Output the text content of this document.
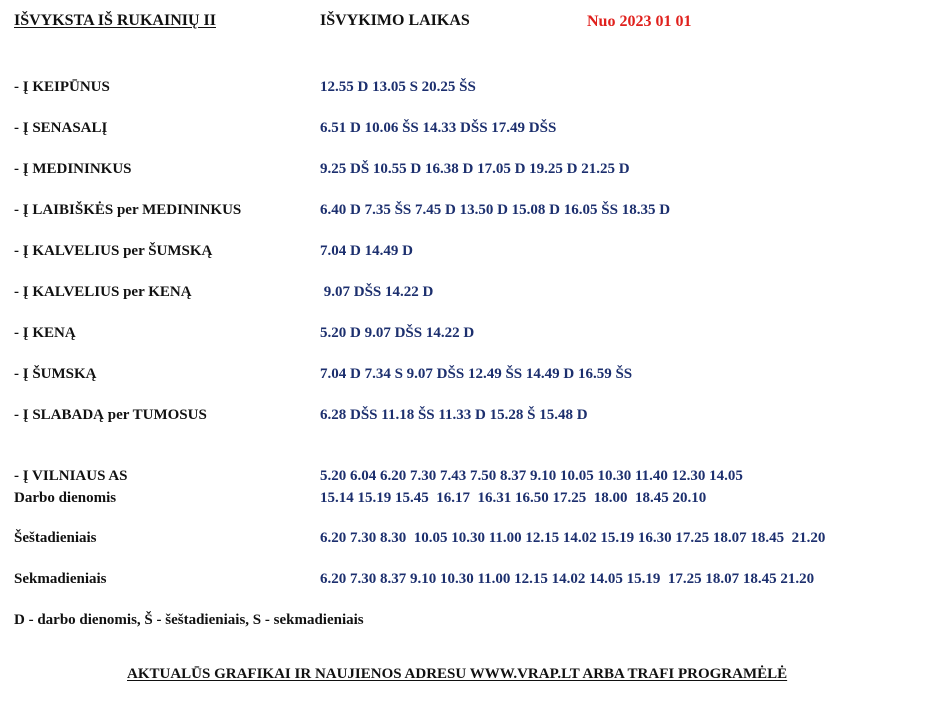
IŠVYKSTA IŠ RUKAINIŲ II	IŠVYKIMO LAIKAS	Nuo 2023 01 01
- Į KEIPŪNUS	12.55 D 13.05 S 20.25 ŠS
- Į SENASALĮ	6.51 D 10.06 ŠS 14.33 DŠS 17.49 DŠS
- Į MEDININKUS	9.25 DŠ 10.55 D 16.38 D 17.05 D 19.25 D 21.25 D
- Į LAIBIŠKĖS per MEDININKUS	6.40 D 7.35 ŠS 7.45 D 13.50 D 15.08 D 16.05 ŠS 18.35 D
- Į KALVELIUS per ŠUMSKĄ	7.04 D 14.49 D
- Į KALVELIUS per KENĄ	9.07 DŠS 14.22 D
- Į KENĄ	5.20 D 9.07 DŠS 14.22 D
- Į ŠUMSKĄ	7.04 D 7.34 S 9.07 DŠS 12.49 ŠS 14.49 D 16.59 ŠS
- Į SLABADĄ per TUMOSUS	6.28 DŠS 11.18 ŠS 11.33 D 15.28 Š 15.48 D
- Į VILNIAUS AS	5.20 6.04 6.20 7.30 7.43 7.50 8.37 9.10 10.05 10.30 11.40 12.30 14.05
Darbo dienomis	15.14 15.19 15.45  16.17  16.31 16.50 17.25  18.00  18.45 20.10
Šeštadieniais	6.20 7.30 8.30  10.05 10.30 11.00 12.15 14.02 15.19 16.30 17.25 18.07 18.45  21.20
Sekmadieniais	6.20 7.30 8.37 9.10 10.30 11.00 12.15 14.02 14.05 15.19  17.25 18.07 18.45 21.20
D - darbo dienomis, Š - šeštadieniais, S - sekmadieniais
AKTUALŪS GRAFIKAI IR NAUJIENOS ADRESU WWW.VRAP.LT ARBA TRAFI PROGRAMĖLĖ
